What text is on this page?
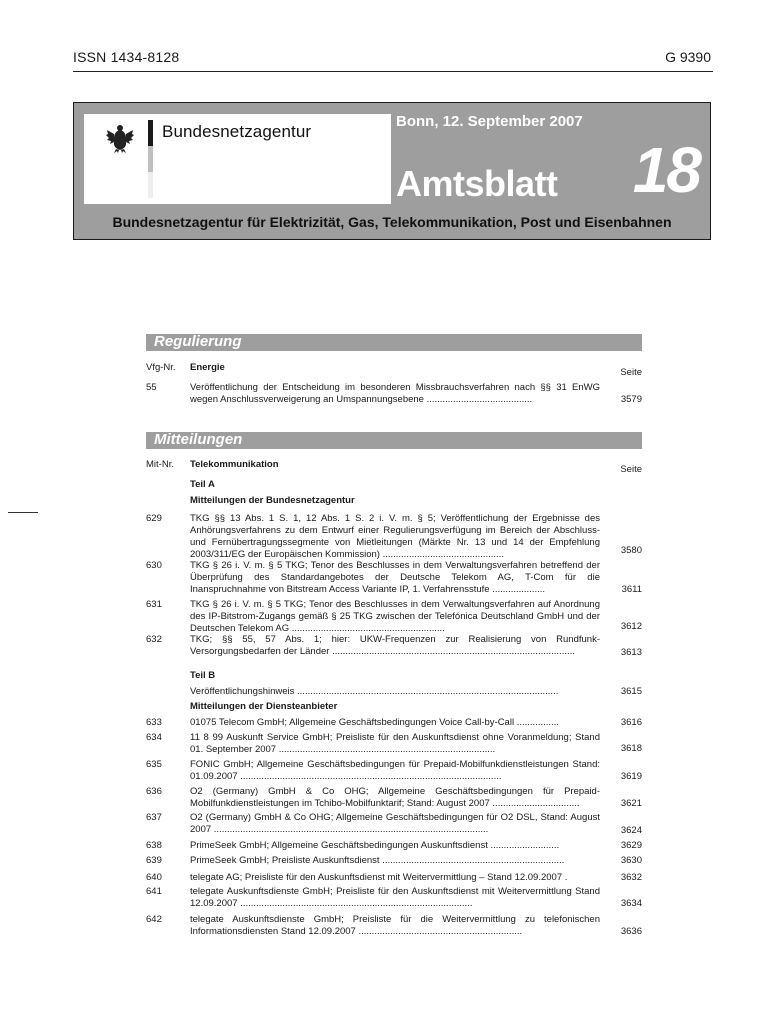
ISSN 1434-8128	G 9390
Bundesnetzagentur
Bonn, 12. September 2007
Amtsblatt 18
Bundesnetzagentur für Elektrizität, Gas, Telekommunikation, Post und Eisenbahnen
Regulierung
Vfg-Nr.	Energie	Seite
55	Veröffentlichung der Entscheidung im besonderen Missbrauchsverfahren nach §§ 31 EnWG wegen Anschlussverweigerung an Umspannungsebene ........................................	3579
Mitteilungen
Mit-Nr.	Telekommunikation	Seite
Teil A
Mitteilungen der Bundesnetzagentur
629	TKG §§ 13 Abs. 1 S. 1, 12 Abs. 1 S. 2 i. V. m. § 5; Veröffentlichung der Ergebnisse des Anhörungsverfahrens zu dem Entwurf einer Regulierungsverfügung im Bereich der Abschluss- und Fernübertragungssegmente von Mietleitungen (Märkte Nr. 13 und 14 der Empfehlung 2003/311/EG der Europäischen Kommission) ..............................................	3580
630	TKG § 26 i. V. m. § 5 TKG; Tenor des Beschlusses in dem Verwaltungsverfahren betreffend der Überprüfung des Standardangebotes der Deutsche Telekom AG, T-Com für die Inanspruchnahme von Bitstream Access Variante IP, 1. Verfahrensstufe ....................	3611
631	TKG § 26 i. V. m. § 5 TKG; Tenor des Beschlusses in dem Verwaltungsverfahren auf Anordnung des IP-Bitstrom-Zugangs gemäß § 25 TKG zwischen der Telefónica Deutschland GmbH und der Deutschen Telekom AG ..........................................................	3612
632	TKG; §§ 55, 57 Abs. 1; hier: UKW-Frequenzen zur Realisierung von Rundfunk-Versorgungsbedarfen der Länder ............................................................................................	3613
Teil B
Veröffentlichungshinweis ...................................................................................................	3615
Mitteilungen der Diensteanbieter
633	01075 Telecom GmbH; Allgemeine Geschäftsbedingungen Voice Call-by-Call ................	3616
634	11 8 99 Auskunft Service GmbH; Preisliste für den Auskunftsdienst ohne Voranmeldung; Stand 01. September 2007 ..................................................................................	3618
635	FONIC GmbH; Allgemeine Geschäftsbedingungen für Prepaid-Mobilfunkdienstleistungen Stand: 01.09.2007 ...................................................................................................	3619
636	O2 (Germany) GmbH & Co OHG; Allgemeine Geschäftsbedingungen für Prepaid-Mobilfunkdienstleistungen im Tchibo-Mobilfunktarif; Stand: August 2007 .................................	3621
637	O2 (Germany) GmbH & Co OHG; Allgemeine Geschäftsbedingungen für O2 DSL, Stand: August 2007 ........................................................................................................	3624
638	PrimeSeek GmbH; Allgemeine Geschäftsbedingungen Auskunftsdienst ..........................	3629
639	PrimeSeek GmbH; Preisliste Auskunftsdienst .....................................................................	3630
640	telegate AG; Preisliste für den Auskunftsdienst mit Weitervermittlung – Stand 12.09.2007 .	3632
641	telegate Auskunftsdienste GmbH; Preisliste für den Auskunftsdienst mit Weitervermittlung Stand 12.09.2007 ........................................................................................	3634
642	telegate Auskunftsdienste GmbH; Preisliste für die Weitervermittlung zu telefonischen Informationsdiensten Stand 12.09.2007 ..............................................................	3636
